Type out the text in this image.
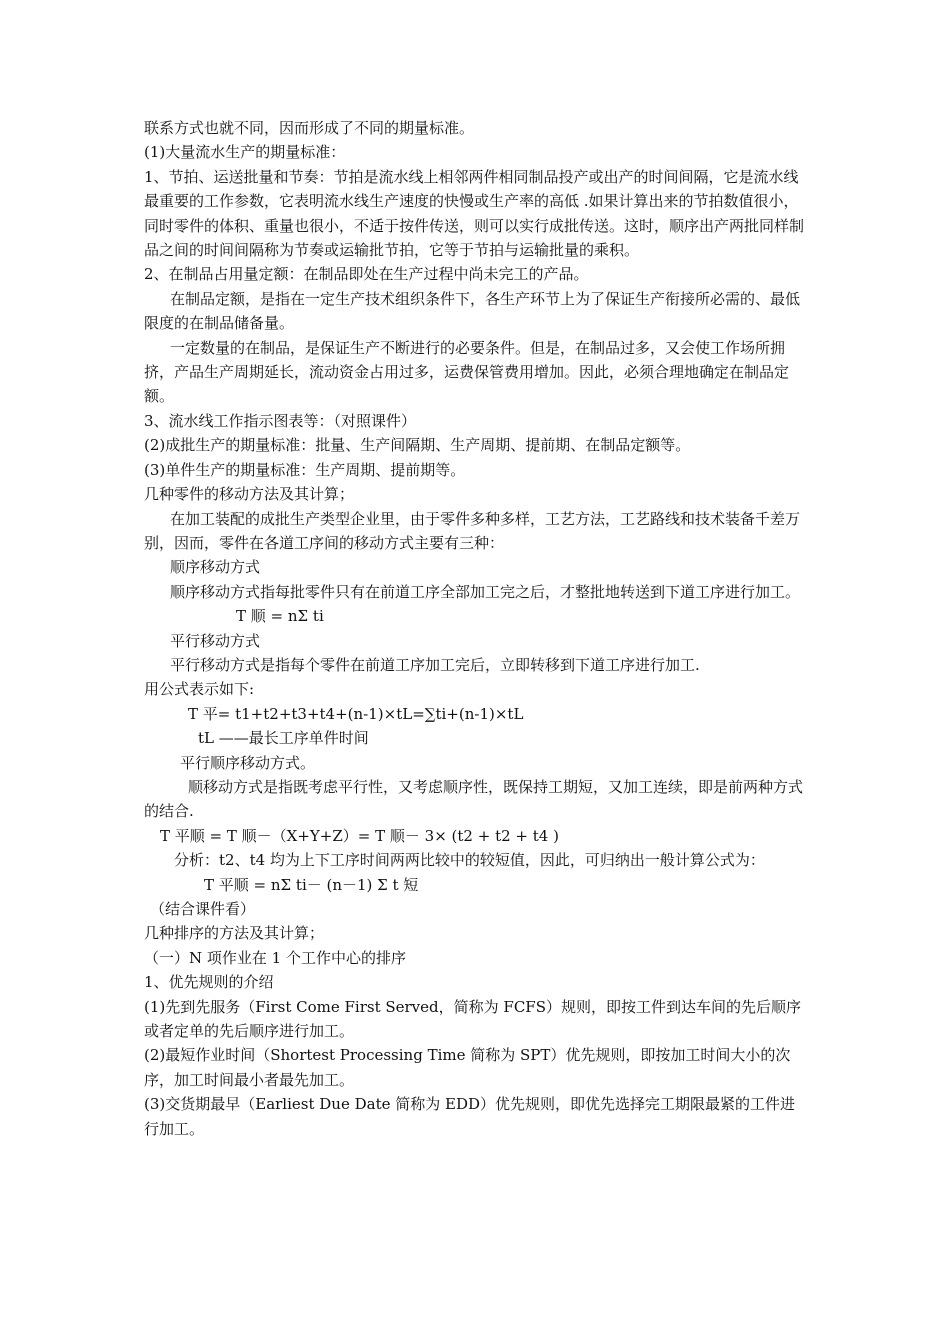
联系方式也就不同，因而形成了不同的期量标准。

(1)大量流水生产的期量标准：

1、节拍、运送批量和节奏：节拍是流水线上相邻两件相同制品投产或出产的时间间隔，它是流水线最重要的工作参数，它表明流水线生产速度的快慢或生产率的高低 .如果计算出来的节拍数值很小，同时零件的体积、重量也很小，不适于按件传送，则可以实行成批传送。这时，顺序出产两批同样制品之间的时间间隔称为节奏或运输批节拍，它等于节拍与运输批量的乘积。

2、在制品占用量定额：在制品即处在生产过程中尚未完工的产品。

在制品定额，是指在一定生产技术组织条件下，各生产环节上为了保证生产衔接所必需的、最低限度的在制品储备量。

一定数量的在制品，是保证生产不断进行的必要条件。但是，在制品过多，又会使工作场所拥挤，产品生产周期延长，流动资金占用过多，运费保管费用增加。因此，必须合理地确定在制品定额。

3、流水线工作指示图表等：（对照课件）

(2)成批生产的期量标准：批量、生产间隔期、生产周期、提前期、在制品定额等。

(3)单件生产的期量标准：生产周期、提前期等。

几种零件的移动方法及其计算；

在加工装配的成批生产类型企业里，由于零件多种多样，工艺方法，工艺路线和技术装备千差万别，因而，零件在各道工序间的移动方式主要有三种：

顺序移动方式

顺序移动方式指每批零件只有在前道工序全部加工完之后，才整批地转送到下道工序进行加工。

T 顺 = nΣ ti

平行移动方式

平行移动方式是指每个零件在前道工序加工完后，立即转移到下道工序进行加工.

用公式表示如下:

T 平= t1+t2+t3+t4+(n-1)×tL=∑ti+(n-1)×tL

tL ——最长工序单件时间

平行顺序移动方式。

顺移动方式是指既考虑平行性，又考虑顺序性，既保持工期短，又加工连续，即是前两种方式的结合.

T 平顺 = T 顺－（X+Y+Z）= T 顺－ 3× (t2 + t2 + t4 )

分析：t2、t4 均为上下工序时间两两比较中的较短值，因此，可归纳出一般计算公式为：

T 平顺 = nΣ ti－ (n－1) Σ t 短

（结合课件看）

几种排序的方法及其计算；

（一）N 项作业在 1 个工作中心的排序

1、优先规则的介绍

(1)先到先服务（First Come First Served，简称为 FCFS）规则，即按工件到达车间的先后顺序或者定单的先后顺序进行加工。

(2)最短作业时间（Shortest Processing Time 简称为 SPT）优先规则，即按加工时间大小的次序，加工时间最小者最先加工。

(3)交货期最早（Earliest Due Date 简称为 EDD）优先规则，即优先选择完工期限最紧的工件进行加工。
